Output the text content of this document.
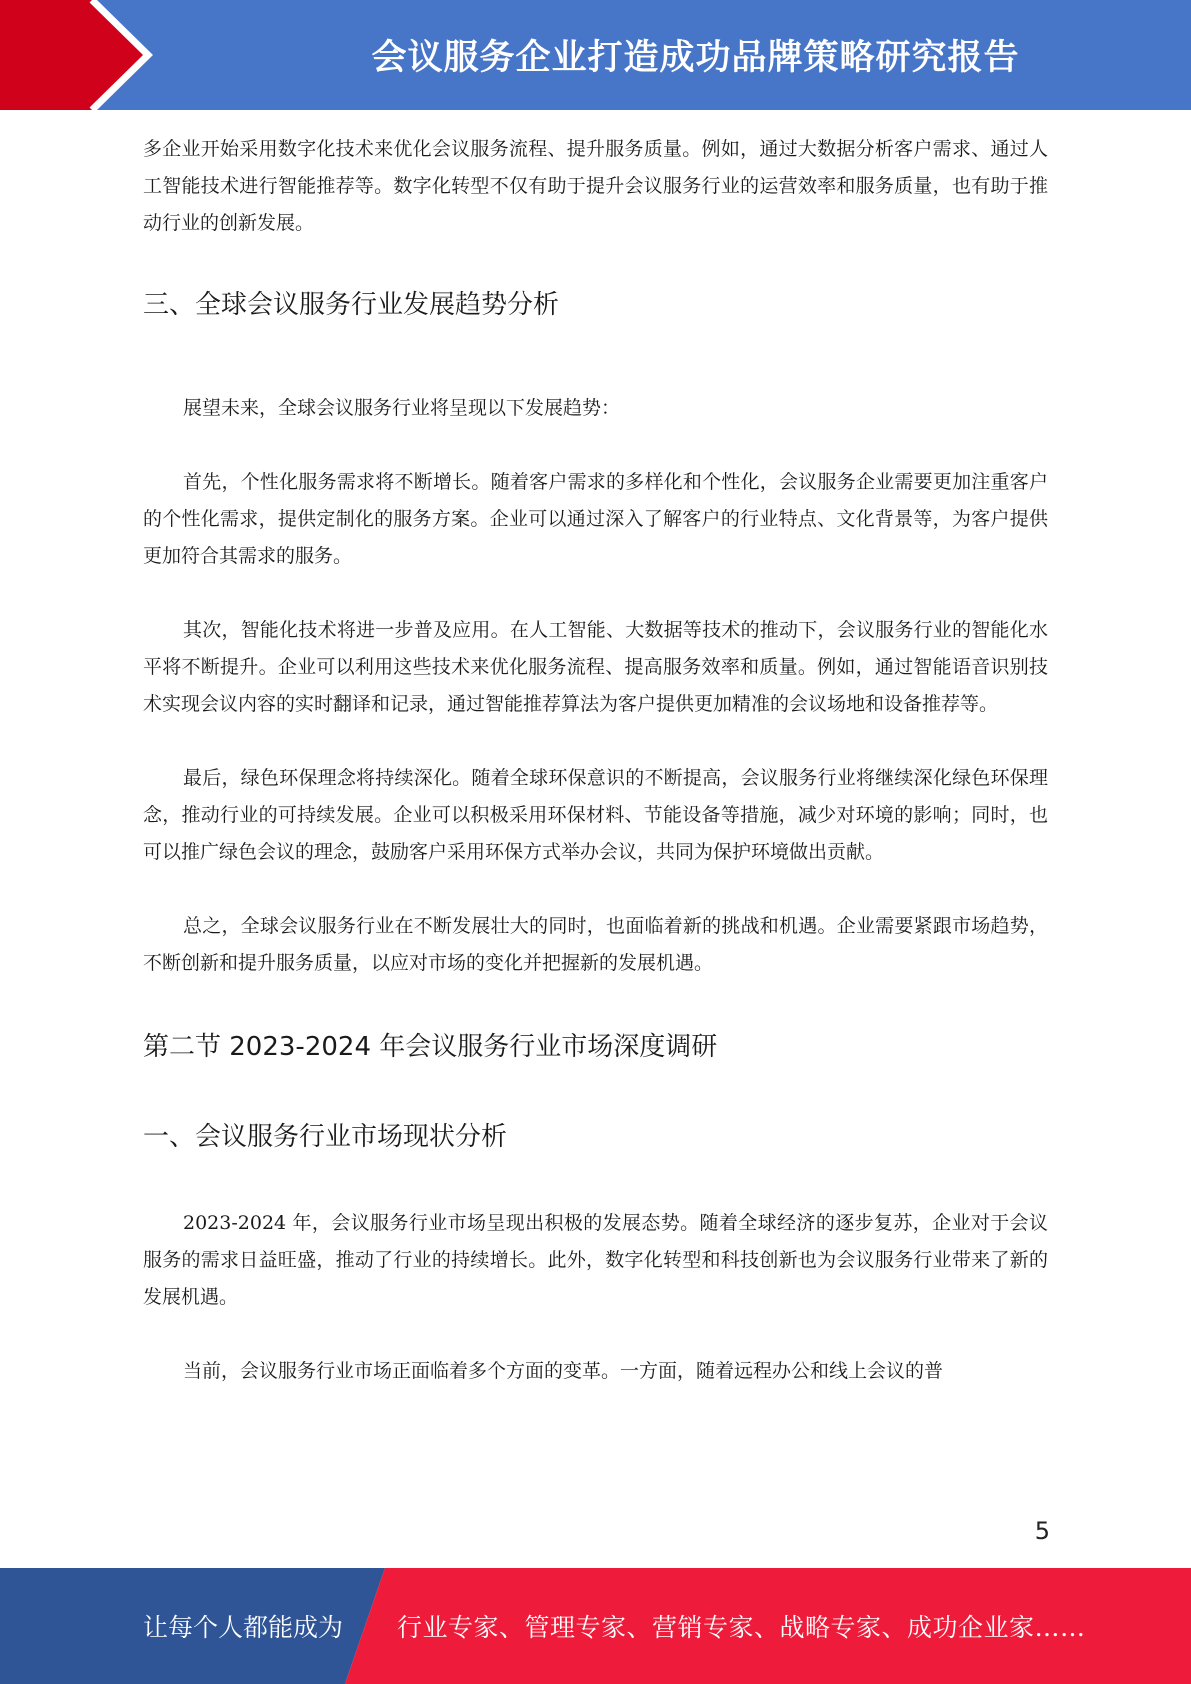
会议服务企业打造成功品牌策略研究报告

多企业开始采用数字化技术来优化会议服务流程、提升服务质量。例如，通过大数据分析客户需求、通过人工智能技术进行智能推荐等。数字化转型不仅有助于提升会议服务行业的运营效率和服务质量，也有助于推动行业的创新发展。

三、全球会议服务行业发展趋势分析

展望未来，全球会议服务行业将呈现以下发展趋势：

首先，个性化服务需求将不断增长。随着客户需求的多样化和个性化，会议服务企业需要更加注重客户的个性化需求，提供定制化的服务方案。企业可以通过深入了解客户的行业特点、文化背景等，为客户提供更加符合其需求的服务。

其次，智能化技术将进一步普及应用。在人工智能、大数据等技术的推动下，会议服务行业的智能化水平将不断提升。企业可以利用这些技术来优化服务流程、提高服务效率和质量。例如，通过智能语音识别技术实现会议内容的实时翻译和记录，通过智能推荐算法为客户提供更加精准的会议场地和设备推荐等。

最后，绿色环保理念将持续深化。随着全球环保意识的不断提高，会议服务行业将继续深化绿色环保理念，推动行业的可持续发展。企业可以积极采用环保材料、节能设备等措施，减少对环境的影响；同时，也可以推广绿色会议的理念，鼓励客户采用环保方式举办会议，共同为保护环境做出贡献。

总之，全球会议服务行业在不断发展壮大的同时，也面临着新的挑战和机遇。企业需要紧跟市场趋势，不断创新和提升服务质量，以应对市场的变化并把握新的发展机遇。

第二节 2023-2024 年会议服务行业市场深度调研
一、会议服务行业市场现状分析

2023-2024 年，会议服务行业市场呈现出积极的发展态势。随着全球经济的逐步复苏，企业对于会议服务的需求日益旺盛，推动了行业的持续增长。此外，数字化转型和科技创新也为会议服务行业带来了新的发展机遇。

当前，会议服务行业市场正面临着多个方面的变革。一方面，随着远程办公和线上会议的普

5
让每个人都能成为 行业专家、管理专家、营销专家、战略专家、成功企业家……
